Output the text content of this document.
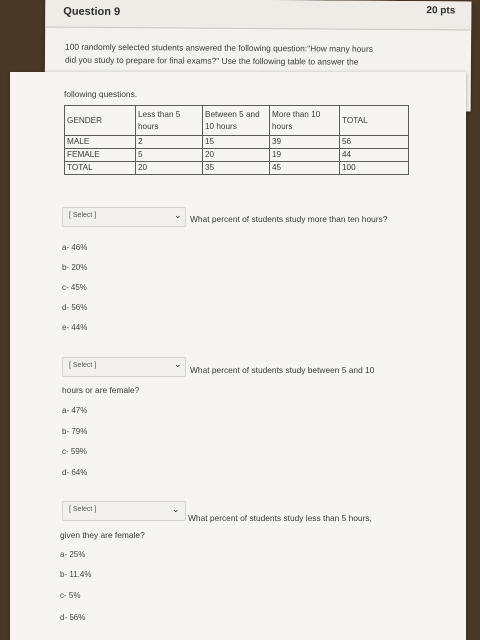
Question 9	20 pts
100 randomly selected students answered the following question:"How many hours
did you study to prepare for final exams?" Use the following table to answer the
following questions.
GENDER	Less than 5 hours	Between 5 and 10 hours	More than 10 hours	TOTAL
MALE	2	15	39	56
FEMALE	5	20	19	44
TOTAL	20	35	45	100
[ Select ]	⌄ What percent of students study more than ten hours?
a- 46%
b- 20%
c- 45%
d- 56%
e- 44%
[ Select ]	⌄
What percent of students study between 5 and 10
hours or are female?
a- 47%
b- 79%
c- 59%
d- 64%
[ Select ]	⌄
What percent of students study less than 5 hours,
given they are female?
a- 25%
b- 11.4%
c- 5%
d- 56%
